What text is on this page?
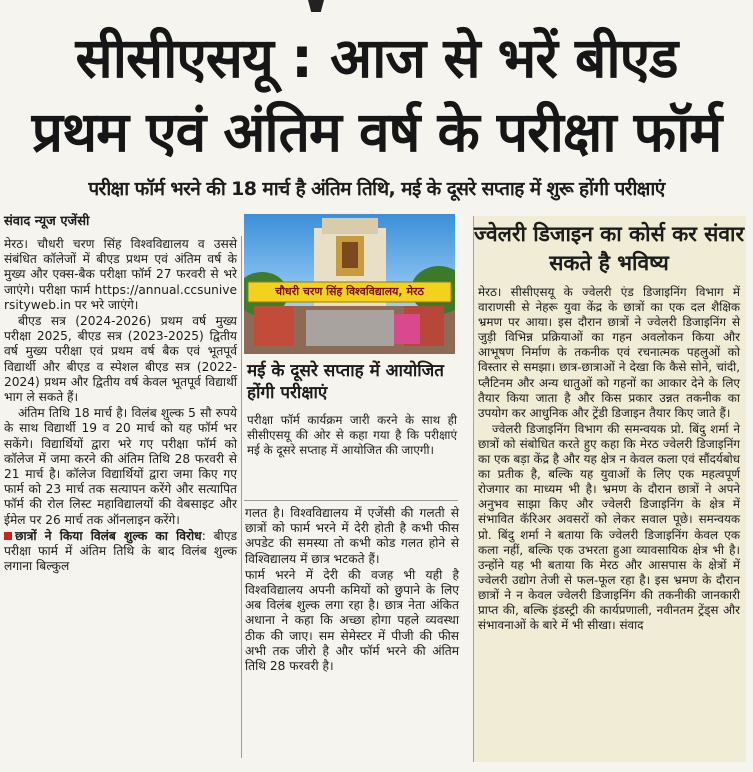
सीसीएसयू : आज से भरें बीएड
प्रथम एवं अंतिम वर्ष के परीक्षा फॉर्म
परीक्षा फॉर्म भरने की 18 मार्च है अंतिम तिथि, मई के दूसरे सप्ताह में शुरू होंगी परीक्षाएं
संवाद न्यूज एजेंसी

मेरठ। चौधरी चरण सिंह विश्वविद्यालय व उससे संबंधित कॉलेजों में बीएड प्रथम एवं अंतिम वर्ष के मुख्य और एक्स-बैक परीक्षा फॉर्म 27 फरवरी से भरे जाएंगे। परीक्षा फार्म https://annual.ccsuniversityweb.in पर भरे जाएंगे।

बीएड सत्र (2024-2026) प्रथम वर्ष मुख्य परीक्षा 2025, बीएड सत्र (2023-2025) द्वितीय वर्ष मुख्य परीक्षा एवं प्रथम वर्ष बैक एवं भूतपूर्व विद्यार्थी और बीएड व स्पेशल बीएड सत्र (2022-2024) प्रथम और द्वितीय वर्ष केवल भूतपूर्व विद्यार्थी भाग ले सकते हैं।

अंतिम तिथि 18 मार्च है। विलंब शुल्क 5 सौ रुपये के साथ विद्यार्थी 19 व 20 मार्च को यह फॉर्म भर सकेंगे। विद्यार्थियों द्वारा भरे गए परीक्षा फॉर्म को कॉलेज में जमा करने की अंतिम तिथि 28 फरवरी से 21 मार्च है। कॉलेज विद्यार्थियों द्वारा जमा किए गए फार्म को 23 मार्च तक सत्यापन करेंगे और सत्यापित फॉर्म की रोल लिस्ट महाविद्यालयों की वेबसाइट और ईमेल पर 26 मार्च तक ऑनलाइन करेंगे।

छात्रों ने किया विलंब शुल्क का विरोध: बीएड परीक्षा फार्म में अंतिम तिथि के बाद विलंब शुल्क लगाना बिल्कुल

चौधरी चरण सिंह विश्वविद्यालय, मेरठ
मई के दूसरे सप्ताह में आयोजित होंगी परीक्षाएं

परीक्षा फॉर्म कार्यक्रम जारी करने के साथ ही सीसीएसयू की ओर से कहा गया है कि परीक्षाएं मई के दूसरे सप्ताह में आयोजित की जाएगी।

गलत है। विश्वविद्यालय में एजेंसी की गलती से छात्रों को फार्म भरने में देरी होती है कभी फीस अपडेट की समस्या तो कभी कोड गलत होने से विश्विद्यालय में छात्र भटकते हैं।

फार्म भरने में देरी की वजह भी यही है विश्वविद्यालय अपनी कमियों को छुपाने के लिए अब विलंब शुल्क लगा रहा है। छात्र नेता अंकित अधाना ने कहा कि अच्छा होगा पहले व्यवस्था ठीक की जाए। सम सेमेस्टर में पीजी की फीस अभी तक जीरो है और फॉर्म भरने की अंतिम तिथि 28 फरवरी है।

ज्वेलरी डिजाइन का कोर्स कर संवार सकते है भविष्य

मेरठ। सीसीएसयू के ज्वेलरी एंड डिजाइनिंग विभाग में वाराणसी से नेहरू युवा केंद्र के छात्रों का एक दल शैक्षिक भ्रमण पर आया। इस दौरान छात्रों ने ज्वेलरी डिजाइनिंग से जुड़ी विभिन्न प्रक्रियाओं का गहन अवलोकन किया और आभूषण निर्माण के तकनीक एवं रचनात्मक पहलुओं को विस्तार से समझा। छात्र-छात्राओं ने देखा कि कैसे सोने, चांदी, प्लैटिनम और अन्य धातुओं को गहनों का आकार देने के लिए तैयार किया जाता है और किस प्रकार उन्नत तकनीक का उपयोग कर आधुनिक और ट्रेंडी डिजाइन तैयार किए जाते हैं।

ज्वेलरी डिजाइनिंग विभाग की समन्वयक प्रो. बिंदु शर्मा ने छात्रों को संबोधित करते हुए कहा कि मेरठ ज्वेलरी डिजाइनिंग का एक बड़ा केंद्र है और यह क्षेत्र न केवल कला एवं सौंदर्यबोध का प्रतीक है, बल्कि यह युवाओं के लिए एक महत्वपूर्ण रोजगार का माध्यम भी है। भ्रमण के दौरान छात्रों ने अपने अनुभव साझा किए और ज्वेलरी डिजाइनिंग के क्षेत्र में संभावित कॅरिअर अवसरों को लेकर सवाल पूछे। समन्वयक प्रो. बिंदु शर्मा ने बताया कि ज्वेलरी डिजाइनिंग केवल एक कला नहीं, बल्कि एक उभरता हुआ व्यावसायिक क्षेत्र भी है। उन्होंने यह भी बताया कि मेरठ और आसपास के क्षेत्रों में ज्वेलरी उद्योग तेजी से फल-फूल रहा है। इस भ्रमण के दौरान छात्रों ने न केवल ज्वेलरी डिजाइनिंग की तकनीकी जानकारी प्राप्त की, बल्कि इंडस्ट्री की कार्यप्रणाली, नवीनतम ट्रेंड्स और संभावनाओं के बारे में भी सीखा। संवाद
